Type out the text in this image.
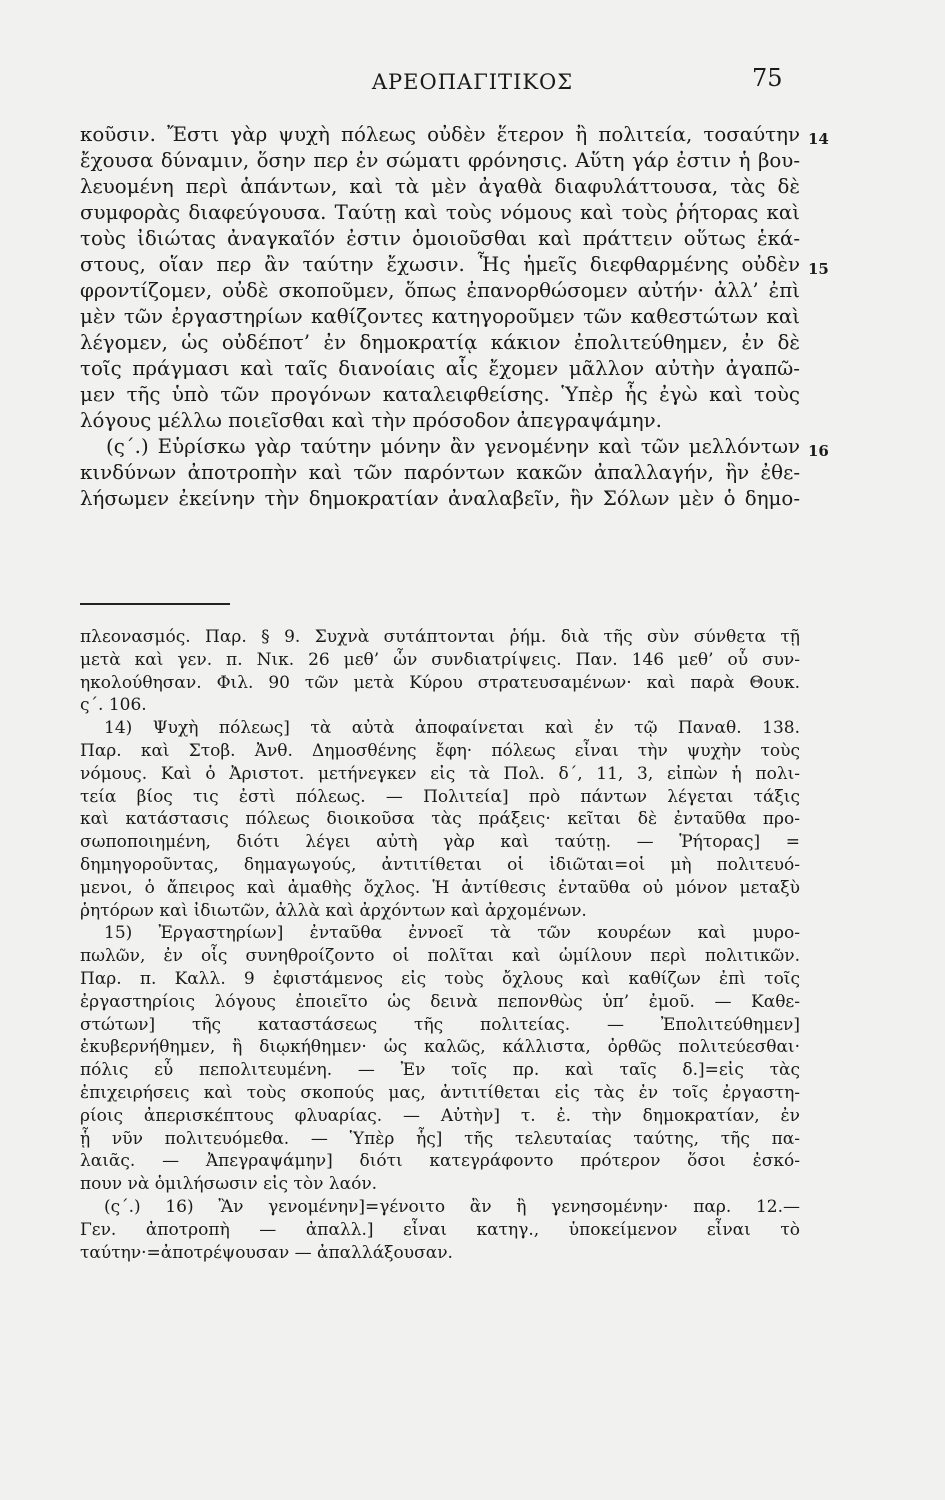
ΑΡΕΟΠΑΓΙΤΙΚΟΣ	75
κοῦσιν. Ἔστι γὰρ ψυχὴ πόλεως οὐδὲν ἕτερον ἢ πολιτεία, τοσαύτην
ἔχουσα δύναμιν, ὅσην περ ἐν σώματι φρόνησις. Αὕτη γάρ ἐστιν ἡ βου-
λευομένη περὶ ἁπάντων, καὶ τὰ μὲν ἀγαθὰ διαφυλάττουσα, τὰς δὲ
συμφορὰς διαφεύγουσα. Ταύτῃ καὶ τοὺς νόμους καὶ τοὺς ῥήτορας καὶ
τοὺς ἰδιώτας ἀναγκαῖόν ἐστιν ὁμοιοῦσθαι καὶ πράττειν οὕτως ἑκά-
στους, οἵαν περ ἂν ταύτην ἔχωσιν. Ἧς ἡμεῖς διεφθαρμένης οὐδὲν
φροντίζομεν, οὐδὲ σκοποῦμεν, ὅπως ἐπανορθώσομεν αὐτήν· ἀλλ’ ἐπὶ
μὲν τῶν ἐργαστηρίων καθίζοντες κατηγοροῦμεν τῶν καθεστώτων καὶ
λέγομεν, ὡς οὐδέποτ’ ἐν δημοκρατίᾳ κάκιον ἐπολιτεύθημεν, ἐν δὲ
τοῖς πράγμασι καὶ ταῖς διανοίαις αἷς ἔχομεν μᾶλλον αὐτὴν ἀγαπῶ-
μεν τῆς ὑπὸ τῶν προγόνων καταλειφθείσης. Ὑπὲρ ἧς ἐγὼ καὶ τοὺς
λόγους μέλλω ποιεῖσθαι καὶ τὴν πρόσοδον ἀπεγραψάμην.
(ς΄.) Εὑρίσκω γὰρ ταύτην μόνην ἂν γενομένην καὶ τῶν μελλόντων
κινδύνων ἀποτροπὴν καὶ τῶν παρόντων κακῶν ἀπαλλαγήν, ἣν ἐθε-
λήσωμεν ἐκείνην τὴν δημοκρατίαν ἀναλαβεῖν, ἣν Σόλων μὲν ὁ δημο-
14
15
16
πλεονασμός. Παρ. § 9. Συχνὰ συτάπτονται ῥήμ. διὰ τῆς σὺν σύνθετα τῇ
μετὰ καὶ γεν. π. Νικ. 26 μεθ’ ὧν συνδιατρίψεις. Παν. 146 μεθ’ οὗ συν-
ηκολούθησαν. Φιλ. 90 τῶν μετὰ Κύρου στρατευσαμένων· καὶ παρὰ Θουκ.
ς΄. 106.
14) Ψυχὴ πόλεως] τὰ αὐτὰ ἀποφαίνεται καὶ ἐν τῷ Παναθ. 138.
Παρ. καὶ Στοβ. Ἀνθ. Δημοσθένης ἔφη· πόλεως εἶναι τὴν ψυχὴν τοὺς
νόμους. Καὶ ὁ Ἀριστοτ. μετήνεγκεν εἰς τὰ Πολ. δ΄, 11, 3, εἰπὼν ἡ πολι-
τεία βίος τις ἐστὶ πόλεως. — Πολιτεία] πρὸ πάντων λέγεται τάξις
καὶ κατάστασις πόλεως διοικοῦσα τὰς πράξεις· κεῖται δὲ ἐνταῦθα προ-
σωποποιημένη, διότι λέγει αὐτὴ γὰρ καὶ ταύτῃ. — Ῥήτορας] =
δημηγοροῦντας, δημαγωγούς, ἀντιτίθεται οἱ ἰδιῶται=οἱ μὴ πολιτευό-
μενοι, ὁ ἄπειρος καὶ ἀμαθὴς ὄχλος. Ἡ ἀντίθεσις ἐνταῦθα οὐ μόνον μεταξὺ
ῥητόρων καὶ ἰδιωτῶν, ἀλλὰ καὶ ἀρχόντων καὶ ἀρχομένων.
15) Ἐργαστηρίων] ἐνταῦθα ἐννοεῖ τὰ τῶν κουρέων καὶ μυρο-
πωλῶν, ἐν οἷς συνηθροίζοντο οἱ πολῖται καὶ ὡμίλουν περὶ πολιτικῶν.
Παρ. π. Καλλ. 9 ἐφιστάμενος εἰς τοὺς ὄχλους καὶ καθίζων ἐπὶ τοῖς
ἐργαστηρίοις λόγους ἐποιεῖτο ὡς δεινὰ πεπονθὼς ὑπ’ ἐμοῦ. — Καθε-
στώτων] τῆς καταστάσεως τῆς πολιτείας. — Ἐπολιτεύθημεν]
ἐκυβερνήθημεν, ἢ διῳκήθημεν· ὡς καλῶς, κάλλιστα, ὀρθῶς πολιτεύεσθαι·
πόλις εὖ πεπολιτευμένη. — Ἐν τοῖς πρ. καὶ ταῖς δ.]=εἰς τὰς
ἐπιχειρήσεις καὶ τοὺς σκοπούς μας, ἀντιτίθεται εἰς τὰς ἐν τοῖς ἐργαστη-
ρίοις ἀπερισκέπτους φλυαρίας. — Αὐτὴν] τ. ἐ. τὴν δημοκρατίαν, ἐν
ᾗ νῦν πολιτευόμεθα. — Ὑπὲρ ἧς] τῆς τελευταίας ταύτης, τῆς πα-
λαιᾶς. — Ἀπεγραψάμην] διότι κατεγράφοντο πρότερον ὅσοι ἐσκό-
πουν νὰ ὁμιλήσωσιν εἰς τὸν λαόν.
(ς΄.) 16) Ἂν γενομένην]=γένοιτο ἂν ἢ γενησομένην· παρ. 12.—
Γεν. ἀποτροπὴ — ἀπαλλ.] εἶναι κατηγ., ὑποκείμενον εἶναι τὸ
ταύτην·=ἀποτρέψουσαν — ἀπαλλάξουσαν.
